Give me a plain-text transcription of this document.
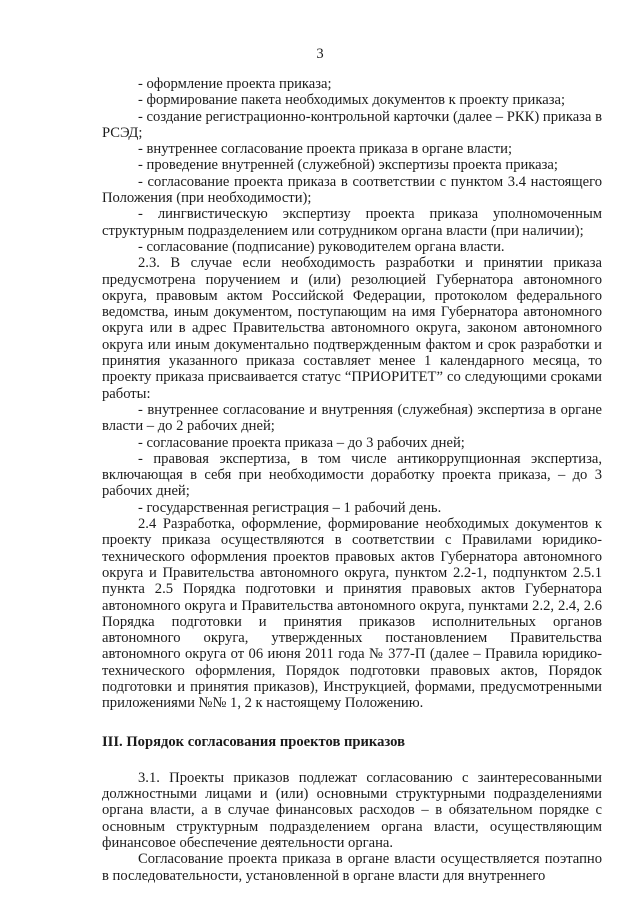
3

- оформление проекта приказа;

- формирование пакета необходимых документов к проекту приказа;

- создание регистрационно-контрольной карточки (далее – РКК) приказа в РСЭД;

- внутреннее согласование проекта приказа в органе власти;

- проведение внутренней (служебной) экспертизы проекта приказа;

- согласование проекта приказа в соответствии с пунктом 3.4 настоящего Положения (при необходимости);

- лингвистическую экспертизу проекта приказа уполномоченным структурным подразделением или сотрудником органа власти (при наличии);

- согласование (подписание) руководителем органа власти.

2.3. В случае если необходимость разработки и принятии приказа предусмотрена поручением и (или) резолюцией Губернатора автономного округа, правовым актом Российской Федерации, протоколом федерального ведомства, иным документом, поступающим на имя Губернатора автономного округа или в адрес Правительства автономного округа, законом автономного округа или иным документально подтвержденным фактом и срок разработки и принятия указанного приказа составляет менее 1 календарного месяца, то проекту приказа присваивается статус “ПРИОРИТЕТ” со следующими сроками работы:

- внутреннее согласование и внутренняя (служебная) экспертиза в органе власти – до 2 рабочих дней;

- согласование проекта приказа – до 3 рабочих дней;

- правовая экспертиза, в том числе антикоррупционная экспертиза, включающая в себя при необходимости доработку проекта приказа, – до 3 рабочих дней;

- государственная регистрация – 1 рабочий день.

2.4 Разработка, оформление, формирование необходимых документов к проекту приказа осуществляются в соответствии с Правилами юридико-технического оформления проектов правовых актов Губернатора автономного округа и Правительства автономного округа, пунктом 2.2-1, подпунктом 2.5.1 пункта 2.5 Порядка подготовки и принятия правовых актов Губернатора автономного округа и Правительства автономного округа, пунктами 2.2, 2.4, 2.6 Порядка подготовки и принятия приказов исполнительных органов автономного округа, утвержденных постановлением Правительства автономного округа от 06 июня 2011 года № 377-П (далее – Правила юридико-технического оформления, Порядок подготовки правовых актов, Порядок подготовки и принятия приказов), Инструкцией, формами, предусмотренными приложениями №№ 1, 2 к настоящему Положению.

III. Порядок согласования проектов приказов

3.1. Проекты приказов подлежат согласованию с заинтересованными должностными лицами и (или) основными структурными подразделениями органа власти, а в случае финансовых расходов – в обязательном порядке с основным структурным подразделением органа власти, осуществляющим финансовое обеспечение деятельности органа.

Согласование проекта приказа в органе власти осуществляется поэтапно в последовательности, установленной в органе власти для внутреннего
